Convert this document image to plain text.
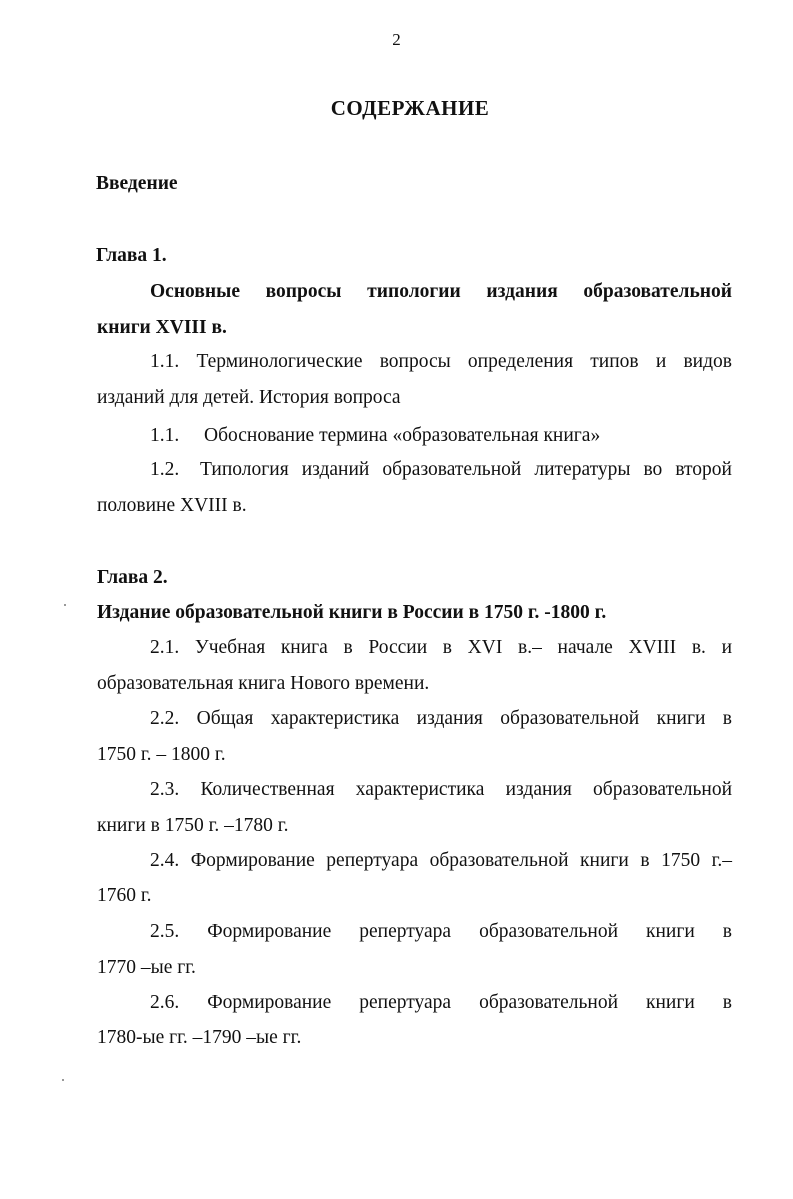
2
СОДЕРЖАНИЕ
Введение
Глава 1.
Основные вопросы типологии издания образовательной
книги XVIII в.
1.1. Терминологические вопросы определения типов и видов
изданий для детей. История вопроса
1.1. Обоснование термина «образовательная книга»
1.2. Типология изданий образовательной литературы во второй
половине XVIII в.
Глава 2.
Издание образовательной книги в России в 1750 г. -1800 г.
2.1. Учебная книга в России в XVI в.– начале XVIII в. и
образовательная книга Нового времени.
2.2. Общая характеристика издания образовательной книги в
1750 г. – 1800 г.
2.3. Количественная характеристика издания образовательной
книги в 1750 г. –1780 г.
2.4. Формирование репертуара образовательной книги в 1750 г.–
1760 г.
2.5. Формирование репертуара образовательной книги в
1770 –ые гг.
2.6. Формирование репертуара образовательной книги в
1780-ые гг. –1790 –ые гг.
